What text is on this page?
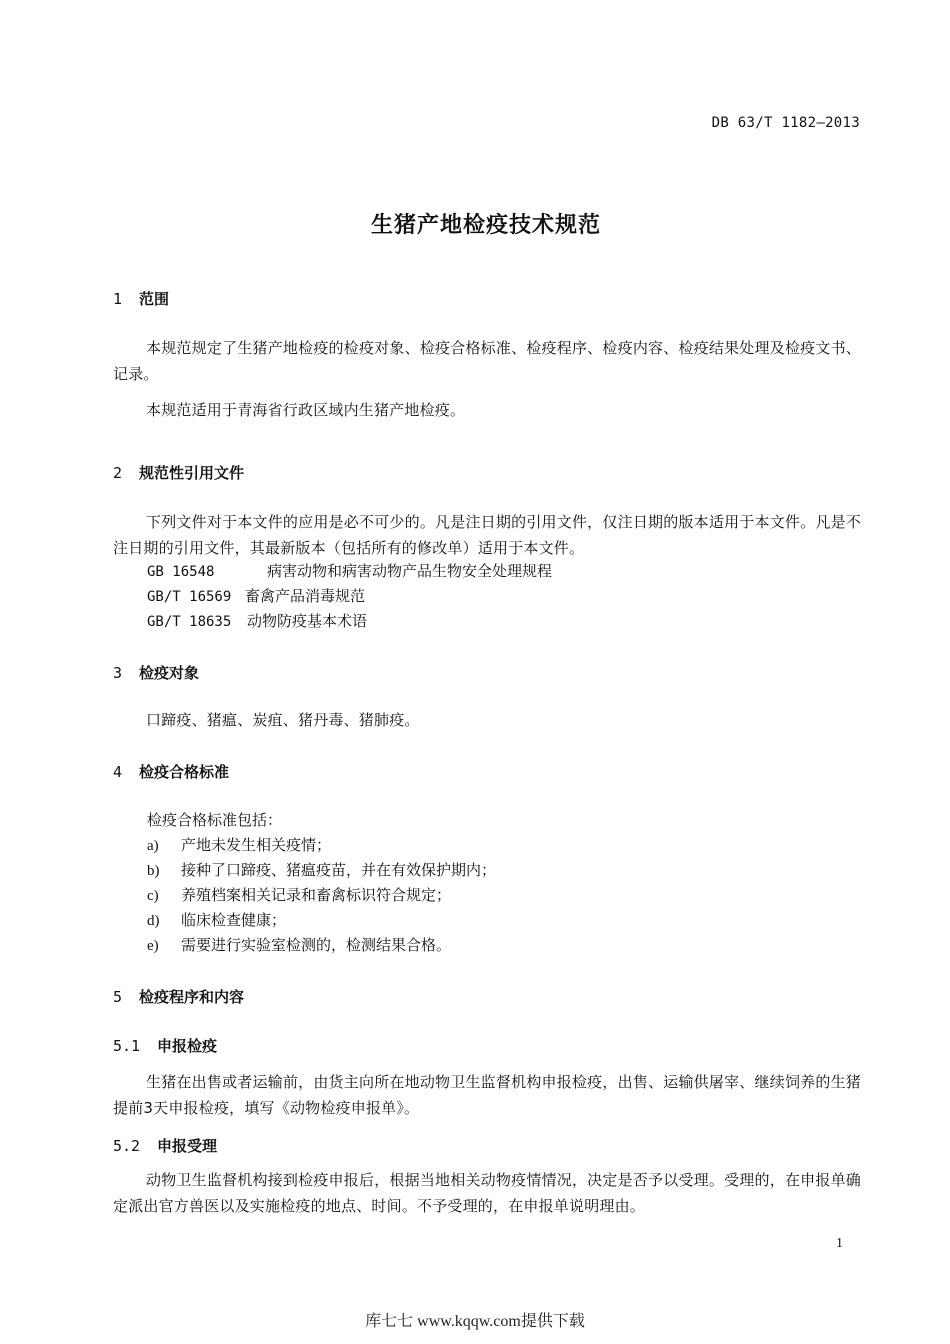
DB 63/T 1182—2013
生猪产地检疫技术规范
1 范围
本规范规定了生猪产地检疫的检疫对象、检疫合格标准、检疫程序、检疫内容、检疫结果处理及检疫文书、记录。
本规范适用于青海省行政区域内生猪产地检疫。
2 规范性引用文件
下列文件对于本文件的应用是必不可少的。凡是注日期的引用文件，仅注日期的版本适用于本文件。凡是不注日期的引用文件，其最新版本（包括所有的修改单）适用于本文件。
GB 16548	病害动物和病害动物产品生物安全处理规程
GB/T 16569 畜禽产品消毒规范
GB/T 18635 动物防疫基本术语
3 检疫对象
口蹄疫、猪瘟、炭疽、猪丹毒、猪肺疫。
4 检疫合格标准
检疫合格标准包括：
a) 产地未发生相关疫情；
b) 接种了口蹄疫、猪瘟疫苗，并在有效保护期内；
c) 养殖档案相关记录和畜禽标识符合规定；
d) 临床检查健康；
e) 需要进行实验室检测的，检测结果合格。
5 检疫程序和内容
5.1 申报检疫
生猪在出售或者运输前，由货主向所在地动物卫生监督机构申报检疫，出售、运输供屠宰、继续饲养的生猪提前3天申报检疫，填写《动物检疫申报单》。
5.2 申报受理
动物卫生监督机构接到检疫申报后，根据当地相关动物疫情情况，决定是否予以受理。受理的，在申报单确定派出官方兽医以及实施检疫的地点、时间。不予受理的，在申报单说明理由。
1
库七七 www.kqqw.com提供下载
